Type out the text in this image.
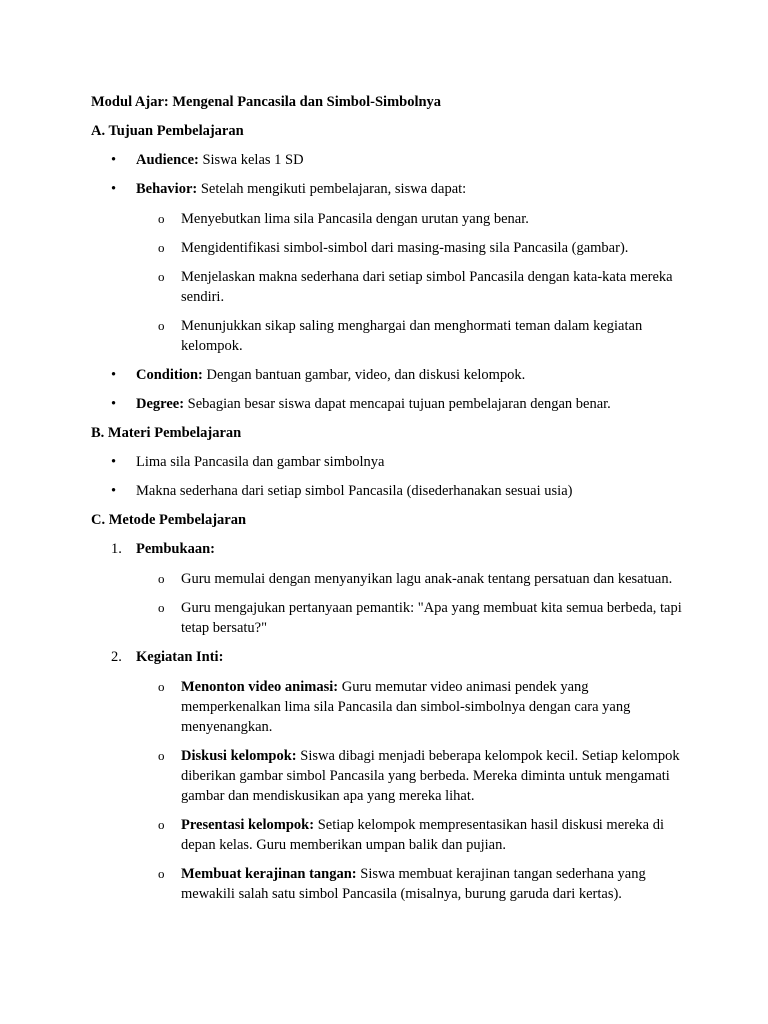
Modul Ajar: Mengenal Pancasila dan Simbol-Simbolnya
A. Tujuan Pembelajaran
•	Audience: Siswa kelas 1 SD
•	Behavior: Setelah mengikuti pembelajaran, siswa dapat:
o Menyebutkan lima sila Pancasila dengan urutan yang benar.
o Mengidentifikasi simbol-simbol dari masing-masing sila Pancasila (gambar).
o Menjelaskan makna sederhana dari setiap simbol Pancasila dengan kata-kata mereka sendiri.
o Menunjukkan sikap saling menghargai dan menghormati teman dalam kegiatan kelompok.
•	Condition: Dengan bantuan gambar, video, dan diskusi kelompok.
•	Degree: Sebagian besar siswa dapat mencapai tujuan pembelajaran dengan benar.
B. Materi Pembelajaran
•	Lima sila Pancasila dan gambar simbolnya
•	Makna sederhana dari setiap simbol Pancasila (disederhanakan sesuai usia)
C. Metode Pembelajaran
1. Pembukaan:
o Guru memulai dengan menyanyikan lagu anak-anak tentang persatuan dan kesatuan.
o Guru mengajukan pertanyaan pemantik: "Apa yang membuat kita semua berbeda, tapi tetap bersatu?"
2. Kegiatan Inti:
o Menonton video animasi: Guru memutar video animasi pendek yang memperkenalkan lima sila Pancasila dan simbol-simbolnya dengan cara yang menyenangkan.
o Diskusi kelompok: Siswa dibagi menjadi beberapa kelompok kecil. Setiap kelompok diberikan gambar simbol Pancasila yang berbeda. Mereka diminta untuk mengamati gambar dan mendiskusikan apa yang mereka lihat.
o Presentasi kelompok: Setiap kelompok mempresentasikan hasil diskusi mereka di depan kelas. Guru memberikan umpan balik dan pujian.
o Membuat kerajinan tangan: Siswa membuat kerajinan tangan sederhana yang mewakili salah satu simbol Pancasila (misalnya, burung garuda dari kertas).
